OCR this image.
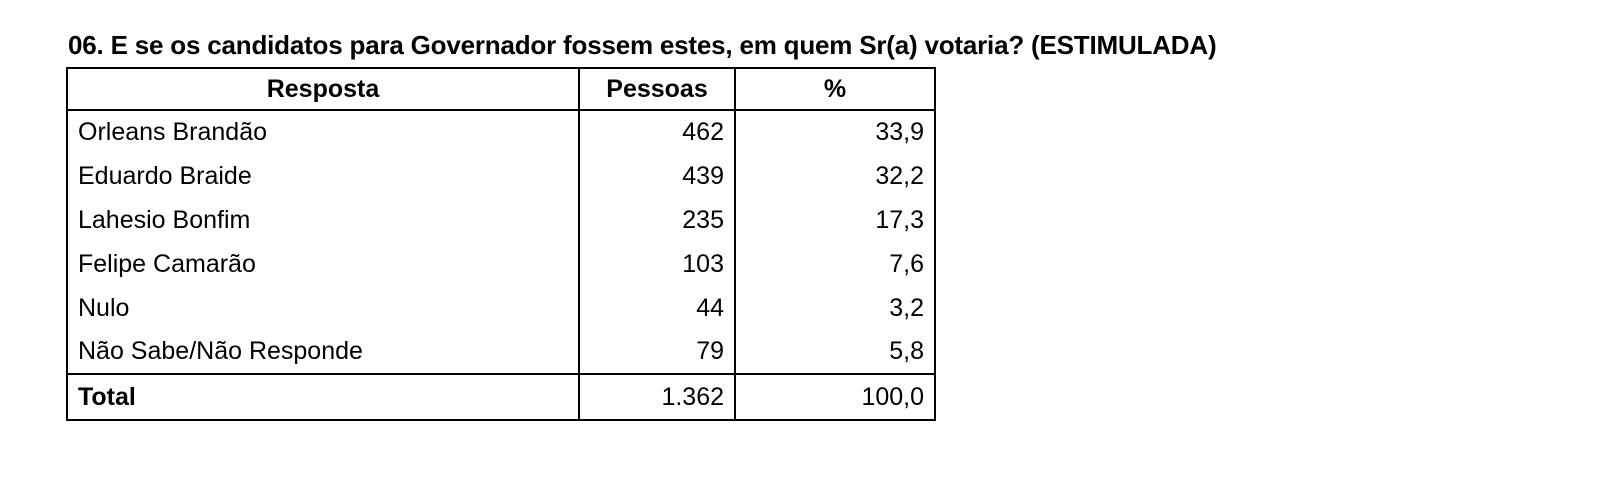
06. E se os candidatos para Governador fossem estes, em quem Sr(a) votaria? (ESTIMULADA)
Resposta	Pessoas	%
Orleans Brandão	462	33,9
Eduardo Braide	439	32,2
Lahesio Bonfim	235	17,3
Felipe Camarão	103	7,6
Nulo	44	3,2
Não Sabe/Não Responde	79	5,8
Total	1.362	100,0
